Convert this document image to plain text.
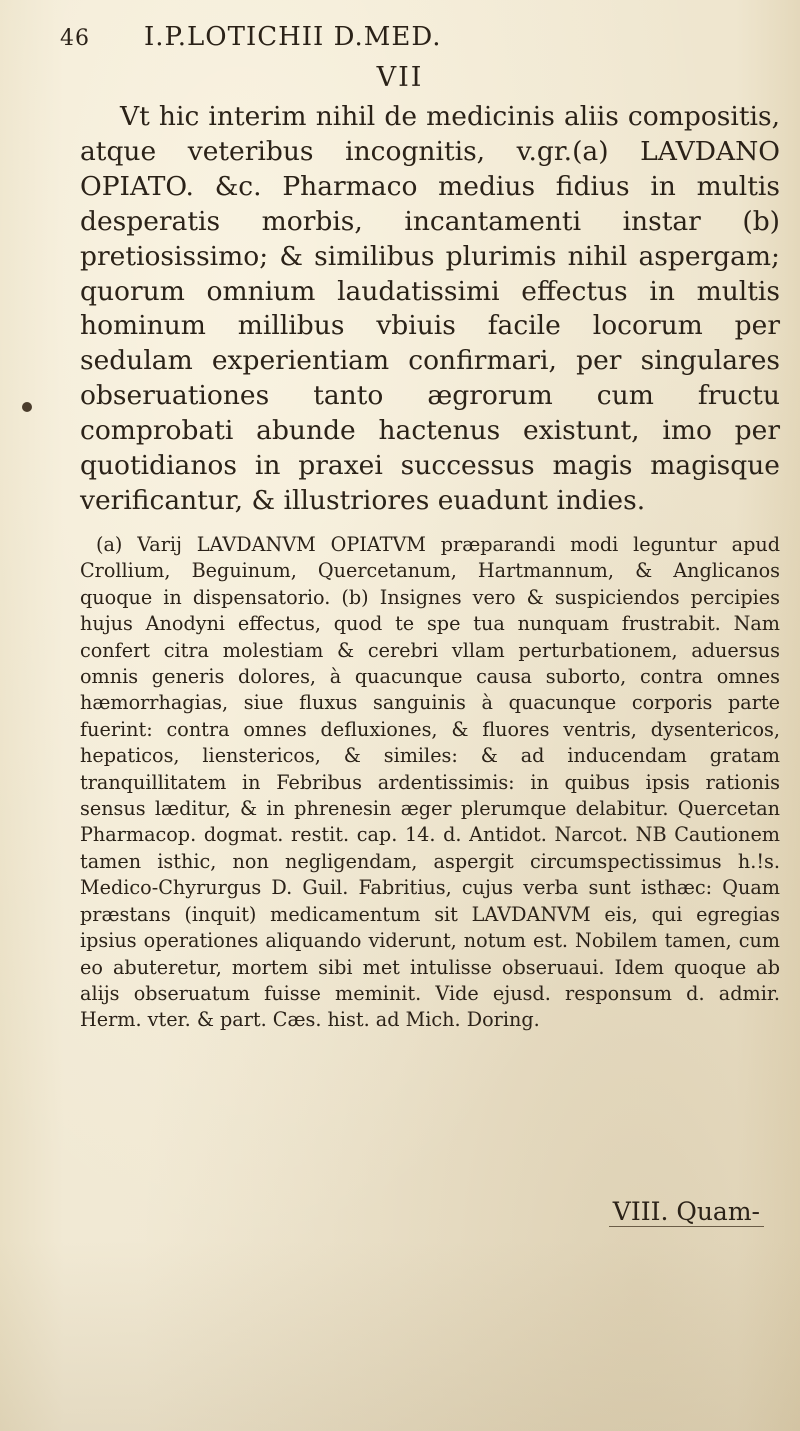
46 I.P.LOTICHII D.MED.
VII

Vt hic interim nihil de medicinis aliis compositis, atque veteribus incognitis, v.gr.(a) LAVDANO OPIATO. &c. Pharmaco medius fidius in multis desperatis morbis, incantamenti instar (b) pretiosissimo; & similibus plurimis nihil aspergam; quorum omnium laudatissimi effectus in multis hominum millibus vbiuis facile locorum per sedulam experientiam confirmari, per singulares obseruationes tanto ægrorum cum fructu comprobati abunde hactenus existunt, imo per quotidianos in praxei successus magis magisque verificantur, & illustriores euadunt indies.

(a) Varij LAVDANVM OPIATVM præparandi modi leguntur apud Crollium, Beguinum, Quercetanum, Hartmannum, & Anglicanos quoque in dispensatorio. (b) Insignes vero & suspiciendos percipies hujus Anodyni effectus, quod te spe tua nunquam frustrabit. Nam confert citra molestiam & cerebri vllam perturbationem, aduersus omnis generis dolores, à quacunque causa suborto, contra omnes hæmorrhagias, siue fluxus sanguinis à quacunque corporis parte fuerint: contra omnes defluxiones, & fluores ventris, dysentericos, hepaticos, lienstericos, & similes: & ad inducendam gratam tranquillitatem in Febribus ardentissimis: in quibus ipsis rationis sensus læditur, & in phrenesin æger plerumque delabitur. Quercetan Pharmacop. dogmat. restit. cap. 14. d. Antidot. Narcot. NB Cautionem tamen isthic, non negligendam, aspergit circumspectissimus h.!s. Medico-Chyrurgus D. Guil. Fabritius, cujus verba sunt isthæc: Quam præstans (inquit) medicamentum sit LAVDANVM eis, qui egregias ipsius operationes aliquando viderunt, notum est. Nobilem tamen, cum eo abuteretur, mortem sibi met intulisse obseruaui. Idem quoque ab alijs obseruatum fuisse meminit. Vide ejusd. responsum d. admir. Herm. vter. & part. Cæs. hist. ad Mich. Doring.

VIII. Quam-
